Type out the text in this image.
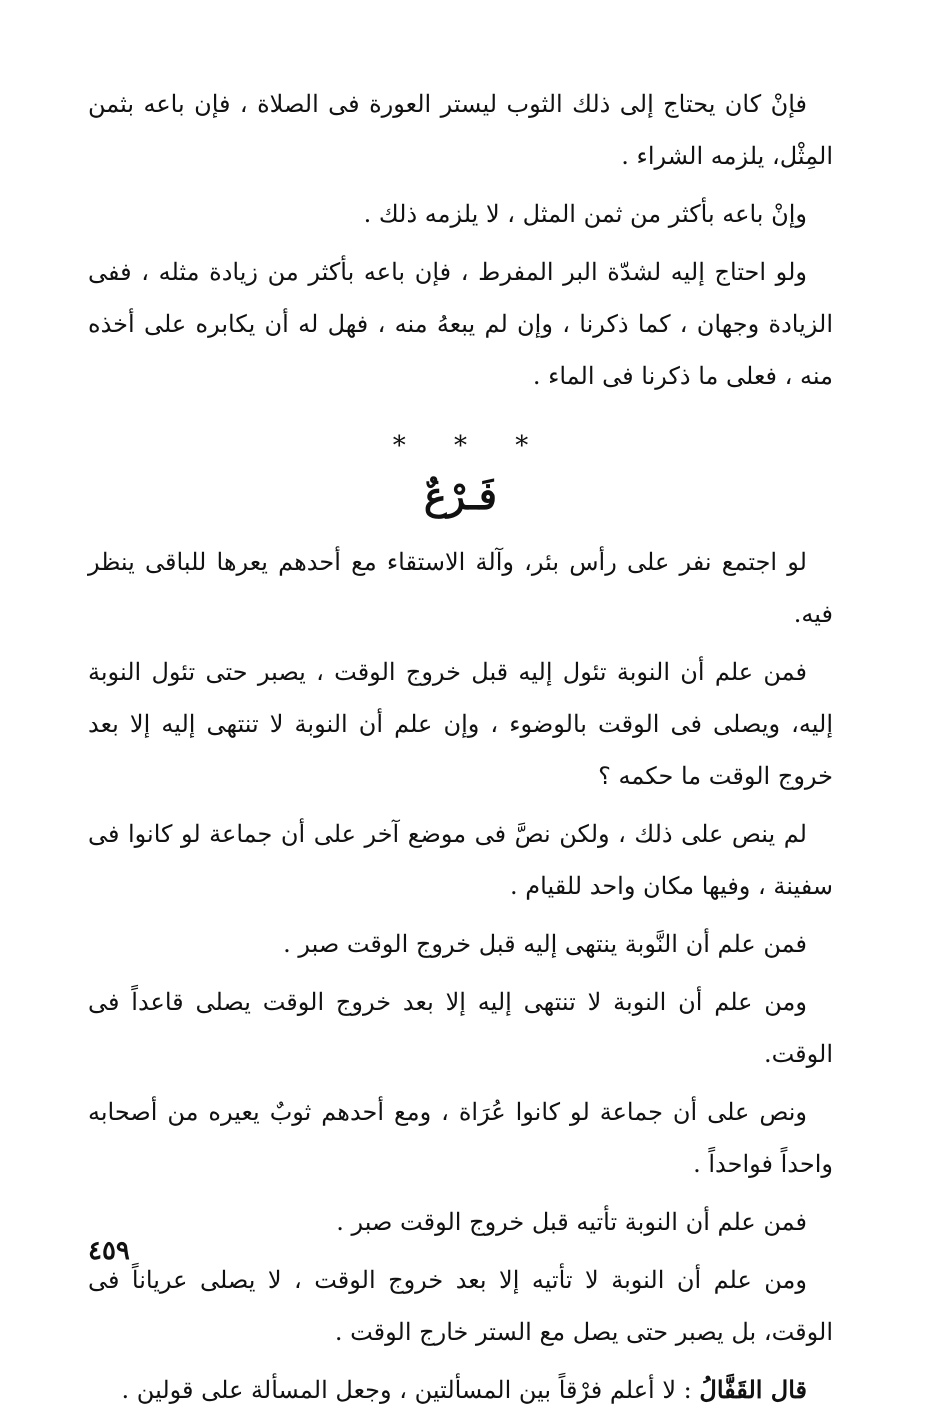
فإنْ كان يحتاج إلى ذلك الثوب ليستر العورة فى الصلاة ، فإن باعه بثمن المِثْل، يلزمه الشراء .

وإنْ باعه بأكثر من ثمن المثل ، لا يلزمه ذلك .

ولو احتاج إليه لشدّة البر المفرط ، فإن باعه بأكثر من زيادة مثله ، ففى الزيادة وجهان ، كما ذكرنا ، وإن لم يبعهُ منه ، فهل له أن يكابره على أخذه منه ، فعلى ما ذكرنا فى الماء .

* * *
فَـرْعٌ

لو اجتمع نفر على رأس بئر، وآلة الاستقاء مع أحدهم يعرها للباقى ينظر فيه.

فمن علم أن النوبة تئول إليه قبل خروج الوقت ، يصبر حتى تئول النوبة إليه، ويصلى فى الوقت بالوضوء ، وإن علم أن النوبة لا تنتهى إليه إلا بعد خروج الوقت ما حكمه ؟

لم ينص على ذلك ، ولكن نصَّ فى موضع آخر على أن جماعة لو كانوا فى سفينة ، وفيها مكان واحد للقيام .

فمن علم أن النَّوبة ينتهى إليه قبل خروج الوقت صبر .

ومن علم أن النوبة لا تنتهى إليه إلا بعد خروج الوقت يصلى قاعداً فى الوقت.

ونص على أن جماعة لو كانوا عُرَاة ، ومع أحدهم ثوبٌ يعيره من أصحابه واحداً فواحداً .

فمن علم أن النوبة تأتيه قبل خروج الوقت صبر .

ومن علم أن النوبة لا تأتيه إلا بعد خروج الوقت ، لا يصلى عرياناً فى الوقت، بل يصبر حتى يصل مع الستر خارج الوقت .

قال القَفَّالُ : لا أعلم فرْقاً بين المسألتين ، وجعل المسألة على قولين .

٤٥٩
